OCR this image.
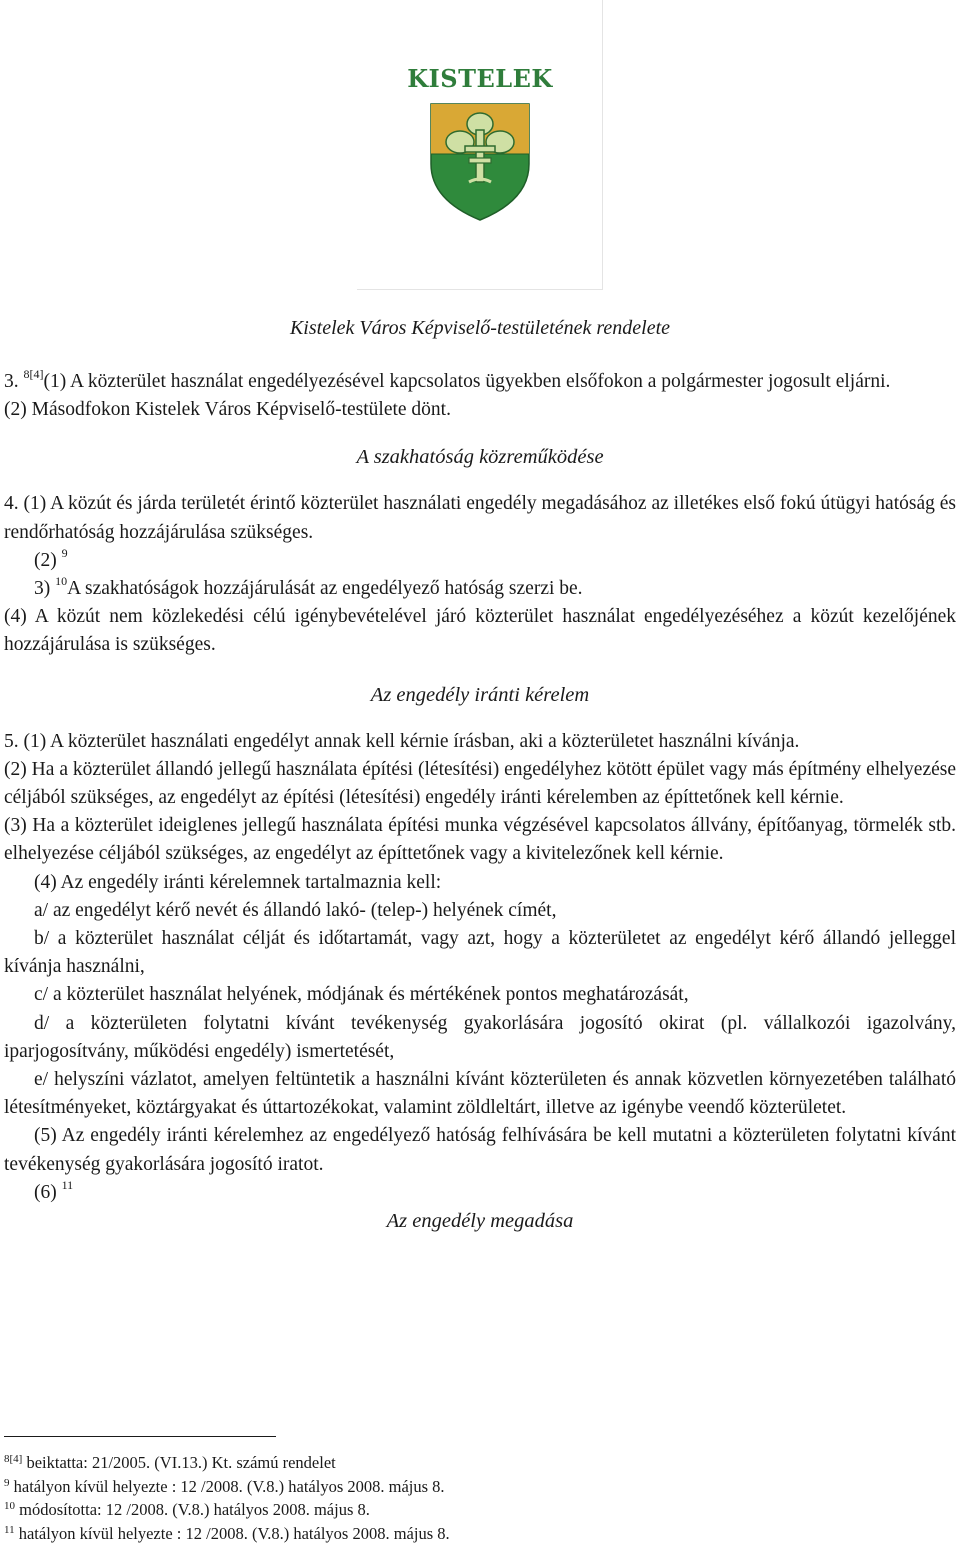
KISTELEK
Kistelek Város Képviselő-testületének rendelete

3. $^{8[4]}$(1) A közterület használat engedélyezésével kapcsolatos ügyekben elsőfokon a polgármester jogosult eljárni.

(2) Másodfokon Kistelek Város Képviselő-testülete dönt.

A szakhatóság közreműködése

4. (1) A közút és járda területét érintő közterület használati engedély megadásához az illetékes első fokú útügyi hatóság és rendőrhatóság hozzájárulása szükséges.

(2) $^9$

3) $^{10}$A szakhatóságok hozzájárulását az engedélyező hatóság szerzi be.

(4) A közút nem közlekedési célú igénybevételével járó közterület használat engedélyezéséhez a közút kezelőjének hozzájárulása is szükséges.

Az engedély iránti kérelem

5. (1) A közterület használati engedélyt annak kell kérnie írásban, aki a közterületet használni kívánja.

(2) Ha a közterület állandó jellegű használata építési (létesítési) engedélyhez kötött épület vagy más építmény elhelyezése céljából szükséges, az engedélyt az építési (létesítési) engedély iránti kérelemben az építtetőnek kell kérnie.

(3) Ha a közterület ideiglenes jellegű használata építési munka végzésével kapcsolatos állvány, építőanyag, törmelék stb. elhelyezése céljából szükséges, az engedélyt az építtetőnek vagy a kivitelezőnek kell kérnie.

(4) Az engedély iránti kérelemnek tartalmaznia kell:

a/ az engedélyt kérő nevét és állandó lakó- (telep-) helyének címét,

b/ a közterület használat célját és időtartamát, vagy azt, hogy a közterületet az engedélyt kérő állandó jelleggel kívánja használni,

c/ a közterület használat helyének, módjának és mértékének pontos meghatározását,

d/ a közterületen folytatni kívánt tevékenység gyakorlására jogosító okirat (pl. vállalkozói igazolvány, iparjogosítvány, működési engedély) ismertetését,

e/ helyszíni vázlatot, amelyen feltüntetik a használni kívánt közterületen és annak közvetlen környezetében található létesítményeket, köztárgyakat és úttartozékokat, valamint zöldleltárt, illetve az igénybe veendő közterületet.

(5) Az engedély iránti kérelemhez az engedélyező hatóság felhívására be kell mutatni a közterületen folytatni kívánt tevékenység gyakorlására jogosító iratot.

(6) $^{11}$

Az engedély megadása

$^{8[4]}$ beiktatta: 21/2005. (VI.13.) Kt. számú rendelet

$^9$ hatályon kívül helyezte : 12 /2008. (V.8.) hatályos 2008. május 8.

$^{10}$ módosította: 12 /2008. (V.8.) hatályos 2008. május 8.

$^{11}$ hatályon kívül helyezte : 12 /2008. (V.8.) hatályos 2008. május 8.
